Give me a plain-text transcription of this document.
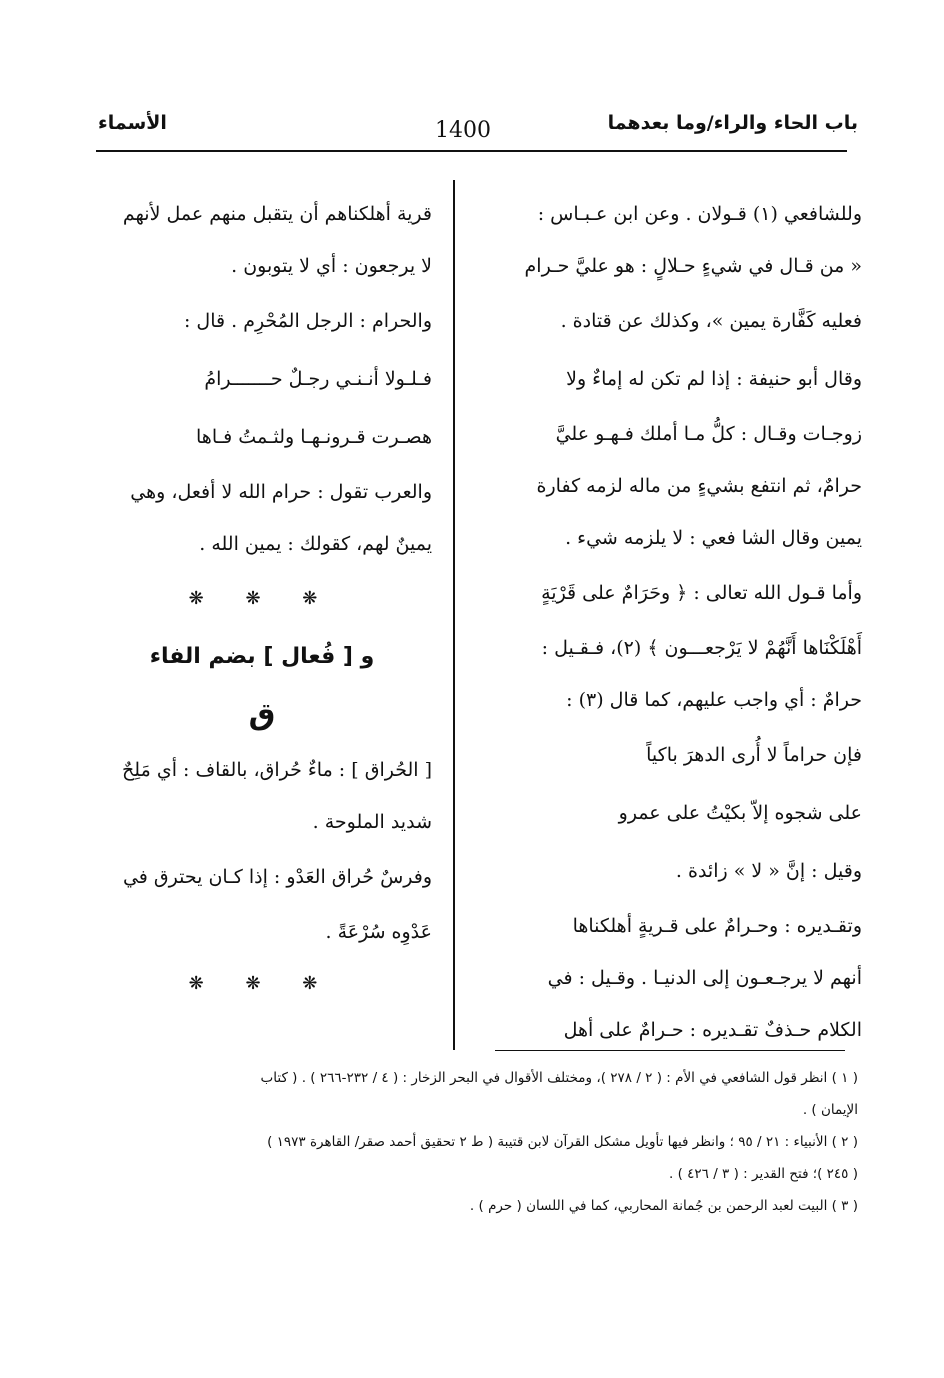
باب الحاء والراء/وما بعدهما
1400
الأسماء
وللشافعي (١) قـولان . وعن ابن عـبـاس :
« من قـال في شيءٍ حـلالٍ : هو عليَّ حـرام
فعليه كَفَّارة يمين »، وكذلك عن قتادة .
وقال أبو حنيفة : إذا لم تكن له إماءٌ ولا
زوجـات وقـال : كلُّ مـا أملك فـهـو عليَّ
حرامٌ، ثم انتفع بشيءٍ من ماله لزمه كفارة
يمين وقال الشا فعي : لا يلزمه شيء .
وأما قـول الله تعالى : ﴿ وحَرَامٌ على قَرْيَةٍ
أَهْلَكْنَاها أَنَّهُمْ لا يَرْجعـــون ﴾ (٢)، فـقـيل :
حرامٌ : أي واجب عليهم، كما قال (٣) :
فإن حراماً لا أُرى الدهرَ باكياً
على شجوه إلاّ بكيْتُ على عمرو
وقيل : إنَّ « لا » زائدة .
وتقـديره : وحـرامٌ على قـريةٍ أهلكناها
أنهم لا يرجـعـون إلى الدنيـا . وقـيل : في
الكلام حـذفٌ تقـديره : حـرامٌ على أهل
قرية أهلكناهم أن يتقبل منهم عمل لأنهم
لا يرجعون : أي لا يتوبون .
والحرام : الرجل المُحْرِم . قال :
فـلـولا أنـنـي رجـلٌ حـــــــرامُ
هصـرت قـرونـهـا ولثـمتُ فـاها
والعرب تقول : حرام الله لا أفعل، وهي
يمينٌ لهم، كقولك : يمين الله .
❋ ❋ ❋
و [ فُعال ] بضم الفاء
ق
[ الحُراق ] : ماءٌ حُراق، بالقاف : أي مَلِحٌ
شديد الملوحة .
وفرسٌ حُراق العَدْو : إذا كـان يحترق في
عَدْوِه سُرْعَةً .
❋ ❋ ❋
( ١ ) انظر قول الشافعي في الأم : ( ٢ / ٢٧٨ )، ومختلف الأقوال في البحر الزخار : ( ٤ / ٢٣٢-٢٦٦ ) . ( كتاب
الإيمان ) .
( ٢ ) الأنبياء : ٢١ / ٩٥ ؛ وانظر فيها تأويل مشكل القرآن لابن قتيبة ( ط ٢ تحقيق أحمد صقر/ القاهرة ١٩٧٣ )
( ٢٤٥ )؛ فتح القدير : ( ٣ / ٤٢٦ ) .
( ٣ ) البيت لعبد الرحمن بن جُمانة المحاربي، كما في اللسان ( حرم ) .
